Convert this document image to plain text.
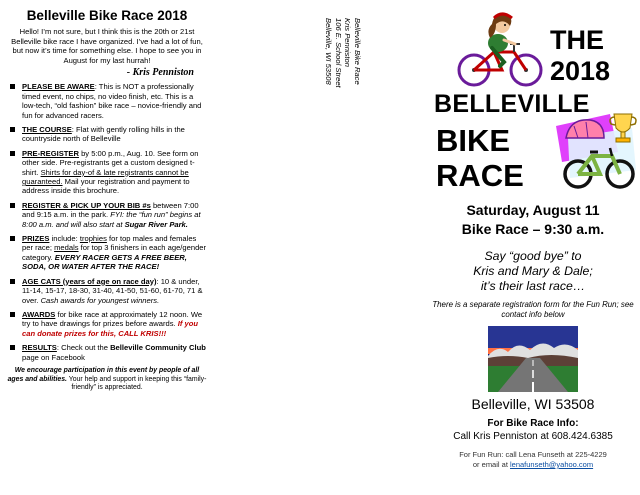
Belleville Bike Race 2018
Hello! I’m not sure, but I think this is the 20th or 21st Belleville bike race I have organized. I’ve had a lot of fun, but now it’s time for something else. I hope to see you in August for my last hurrah!
- Kris Penniston
PLEASE BE AWARE: This is NOT a professionally timed event, no chips, no video finish, etc. This is a low-tech, “old fashion” bike race – novice-friendly and fun for advanced racers.
THE COURSE: Flat with gently rolling hills in the countryside north of Belleville
PRE-REGISTER by 5:00 p.m., Aug. 10. See form on other side. Pre-registrants get a custom designed t-shirt. Shirts for day-of & late registrants cannot be guaranteed. Mail your registration and payment to address inside this brochure.
REGISTER & PICK UP YOUR BIB #s between 7:00 and 9:15 a.m. in the park. FYI: the “fun run” begins at 8:00 a.m. and will also start at Sugar River Park.
PRIZES include: trophies for top males and females per race; medals for top 3 finishers in each age/gender category. EVERY RACER GETS A FREE BEER, SODA, OR WATER AFTER THE RACE!
AGE CATS (years of age on race day): 10 & under, 11-14, 15-17, 18-30, 31-40, 41-50, 51-60, 61-70, 71 & over. Cash awards for youngest winners.
AWARDS for bike race at approximately 12 noon. We try to have drawings for prizes before awards. If you can donate prizes for this, CALL KRIS!!!
RESULTS: Check out the Belleville Community Club page on Facebook
We encourage participation in this event by people of all ages and abilities. Your help and support in keeping this “family- friendly” is appreciated.
Belleville Bike Race
Kris Penniston
106 E. School Street
Belleville, WI 53508	THE
2018
BELLEVILLE
BIKE
RACE
Saturday, August 11
Bike Race – 9:30 a.m.
Say “good bye” to
Kris and Mary & Dale;
it’s their last race…
There is a separate registration form for the Fun Run; see contact info below
Belleville, WI 53508
For Bike Race Info:
Call Kris Penniston at 608.424.6385
For Fun Run: call Lena Funseth at 225-4229
or email at lenafunseth@yahoo.com
